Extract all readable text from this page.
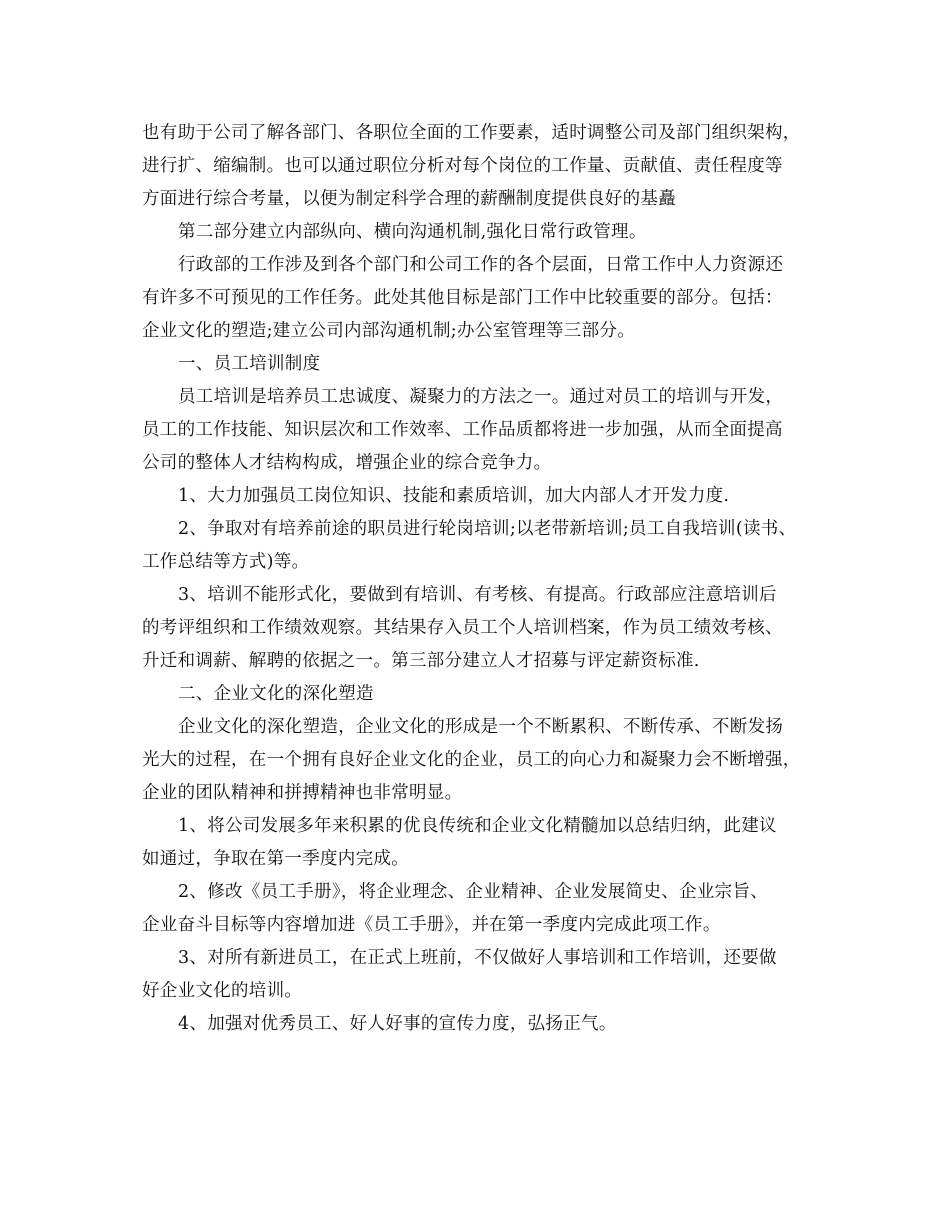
也有助于公司了解各部门、各职位全面的工作要素，适时调整公司及部门组织架构，

进行扩、缩编制。也可以通过职位分析对每个岗位的工作量、贡献值、责任程度等

方面进行综合考量，以便为制定科学合理的薪酬制度提供良好的基矗

第二部分建立内部纵向、横向沟通机制,强化日常行政管理。

行政部的工作涉及到各个部门和公司工作的各个层面，日常工作中人力资源还

有许多不可预见的工作任务。此处其他目标是部门工作中比较重要的部分。包括：

企业文化的塑造;建立公司内部沟通机制;办公室管理等三部分。

一、员工培训制度

员工培训是培养员工忠诚度、凝聚力的方法之一。通过对员工的培训与开发，

员工的工作技能、知识层次和工作效率、工作品质都将进一步加强，从而全面提高

公司的整体人才结构构成，增强企业的综合竞争力。

1、大力加强员工岗位知识、技能和素质培训，加大内部人才开发力度.

2、争取对有培养前途的职员进行轮岗培训;以老带新培训;员工自我培训(读书、

工作总结等方式)等。

3、培训不能形式化，要做到有培训、有考核、有提高。行政部应注意培训后

的考评组织和工作绩效观察。其结果存入员工个人培训档案，作为员工绩效考核、

升迁和调薪、解聘的依据之一。第三部分建立人才招募与评定薪资标准.

二、企业文化的深化塑造

企业文化的深化塑造，企业文化的形成是一个不断累积、不断传承、不断发扬

光大的过程，在一个拥有良好企业文化的企业，员工的向心力和凝聚力会不断增强，

企业的团队精神和拼搏精神也非常明显。

1、将公司发展多年来积累的优良传统和企业文化精髓加以总结归纳，此建议

如通过，争取在第一季度内完成。

2、修改《员工手册》，将企业理念、企业精神、企业发展简史、企业宗旨、

企业奋斗目标等内容增加进《员工手册》，并在第一季度内完成此项工作。

3、对所有新进员工，在正式上班前，不仅做好人事培训和工作培训，还要做

好企业文化的培训。

4、加强对优秀员工、好人好事的宣传力度，弘扬正气。
